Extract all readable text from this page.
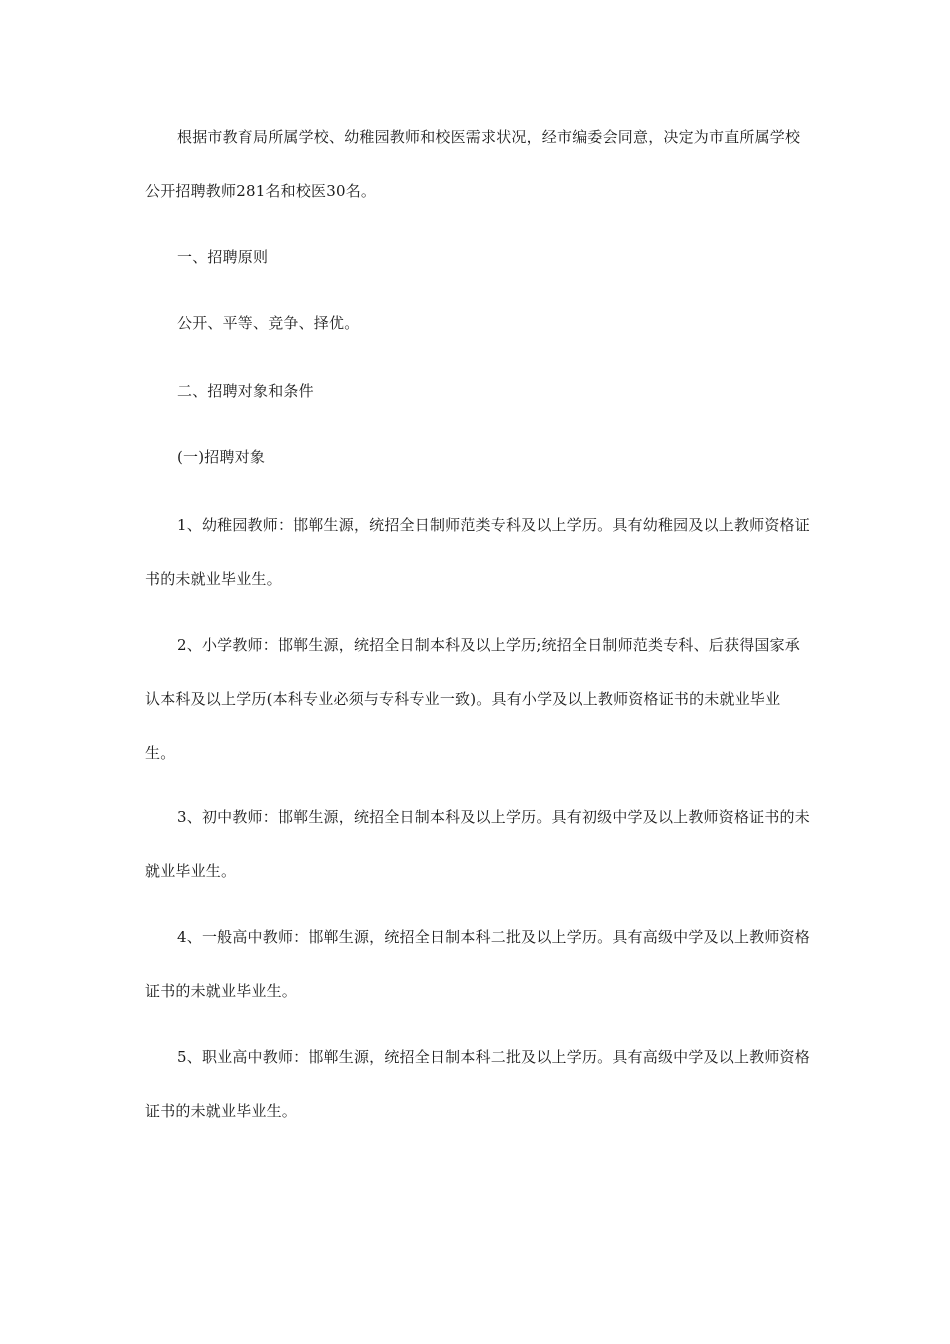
根据市教育局所属学校、幼稚园教师和校医需求状况，经市编委会同意，决定为市直所属学校公开招聘教师281名和校医30名。

一、招聘原则

公开、平等、竞争、择优。

二、招聘对象和条件

(一)招聘对象

1、幼稚园教师：邯郸生源，统招全日制师范类专科及以上学历。具有幼稚园及以上教师资格证书的未就业毕业生。

2、小学教师：邯郸生源，统招全日制本科及以上学历;统招全日制师范类专科、后获得国家承认本科及以上学历(本科专业必须与专科专业一致)。具有小学及以上教师资格证书的未就业毕业生。

3、初中教师：邯郸生源，统招全日制本科及以上学历。具有初级中学及以上教师资格证书的未就业毕业生。

4、一般高中教师：邯郸生源，统招全日制本科二批及以上学历。具有高级中学及以上教师资格证书的未就业毕业生。

5、职业高中教师：邯郸生源，统招全日制本科二批及以上学历。具有高级中学及以上教师资格证书的未就业毕业生。
